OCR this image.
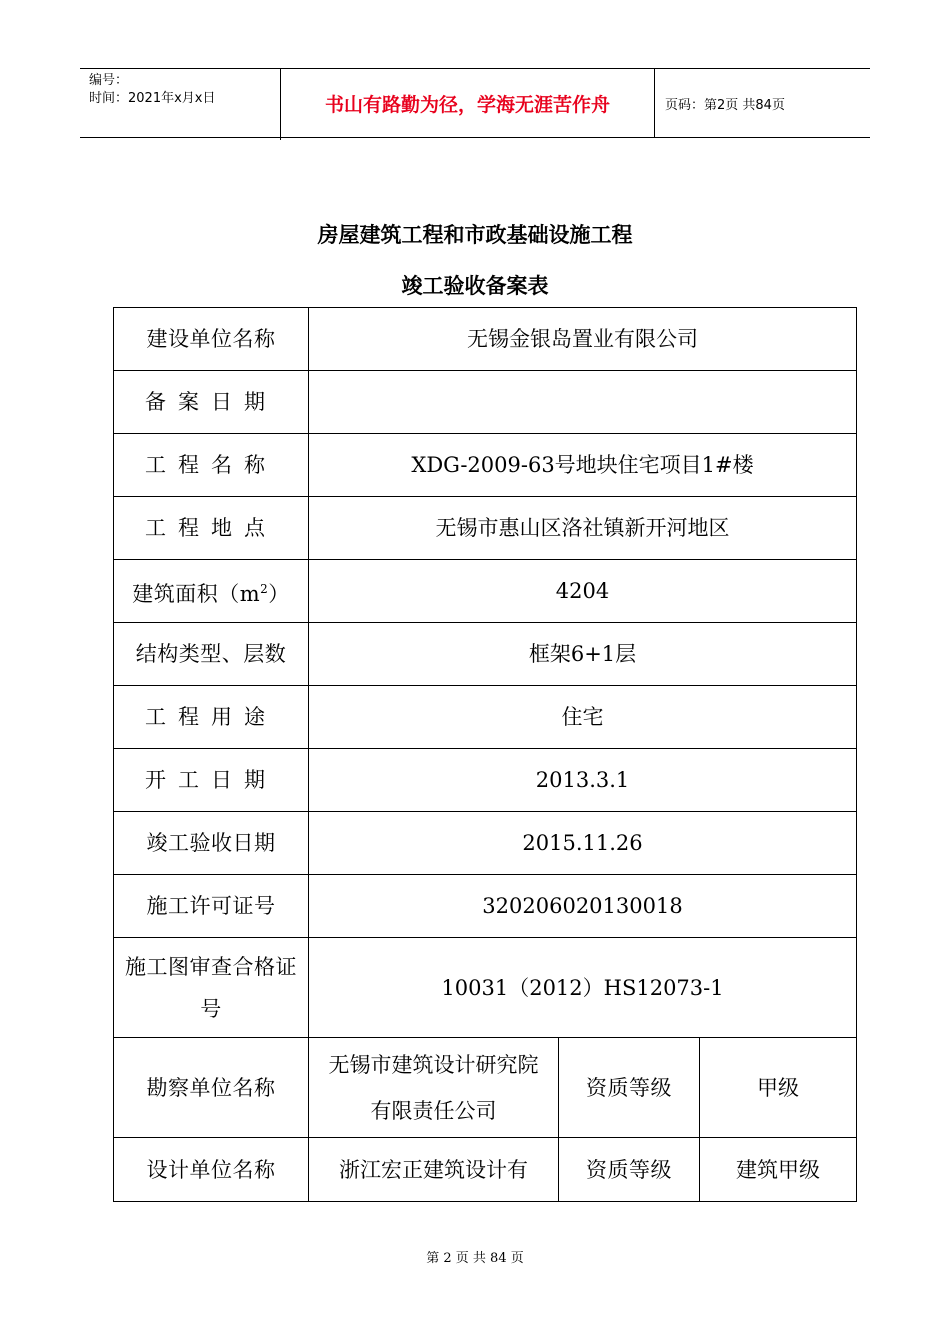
编号：
时间：2021年x月x日	书山有路勤为径，学海无涯苦作舟	页码：第2页 共84页
房屋建筑工程和市政基础设施工程
竣工验收备案表
建设单位名称	无锡金银岛置业有限公司		
备案日期			
工程名称	XDG-2009-63号地块住宅项目1#楼		
工程地点	无锡市惠山区洛社镇新开河地区		
建筑面积$(m^2)$	4204		
结构类型、层数	框架6+1层		
工程用途	住宅		
开工日期	2013.3.1		
竣工验收日期	2015.11.26		
施工许可证号	320206020130018		
施工图审查合格证号	10031（2012）HS12073-1		
勘察单位名称	无锡市建筑设计研究院有限责任公司	资质等级	甲级
设计单位名称	浙江宏正建筑设计有	资质等级	建筑甲级
第 2 页 共 84 页
